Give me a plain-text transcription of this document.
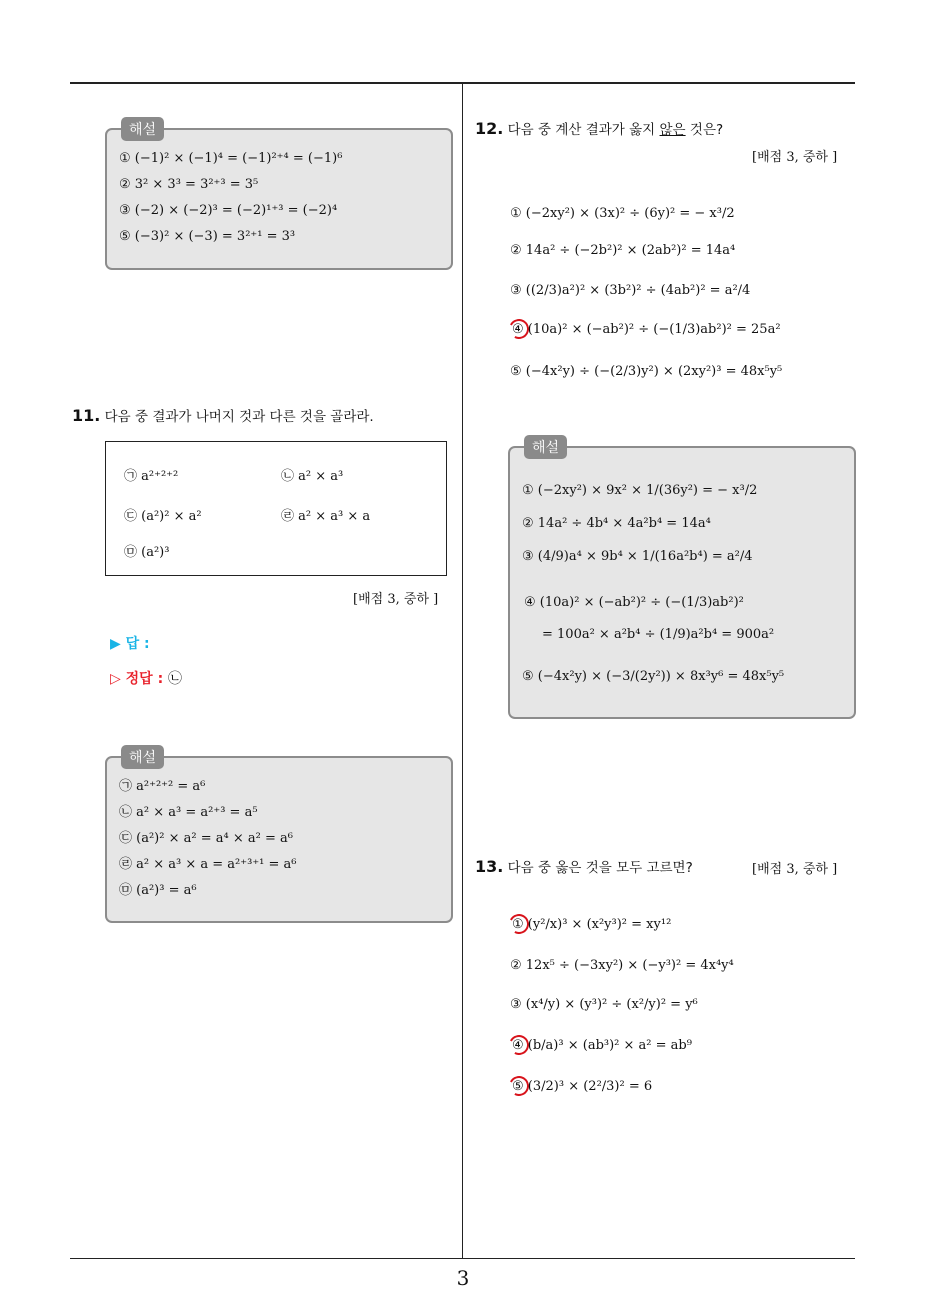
3
해설
① (−1)² × (−1)⁴ = (−1)²⁺⁴ = (−1)⁶
② 3² × 3³ = 3²⁺³ = 3⁵
③ (−2) × (−2)³ = (−2)¹⁺³ = (−2)⁴
⑤ (−3)² × (−3) = 3²⁺¹ = 3³
11. 다음 중 결과가 나머지 것과 다른 것을 골라라.
㉠ a²⁺²⁺²	㉡ a² × a³
㉢ (a²)² × a²	㉣ a² × a³ × a
㉤ (a²)³
[배점 3, 중하 ]
▶ 답 :
▷ 정답 : ㉡
해설
㉠ a²⁺²⁺² = a⁶
㉡ a² × a³ = a²⁺³ = a⁵
㉢ (a²)² × a² = a⁴ × a² = a⁶
㉣ a² × a³ × a = a²⁺³⁺¹ = a⁶
㉤ (a²)³ = a⁶
12. 다음 중 계산 결과가 옳지 않은 것은?
[배점 3, 중하 ]
① (−2xy²) × (3x)² ÷ (6y)² = − x³/2
② 14a² ÷ (−2b²)² × (2ab²)² = 14a⁴
③ ((2/3)a²)² × (3b²)² ÷ (4ab²)² = a²/4
④ (10a)² × (−ab²)² ÷ (−(1/3)ab²)² = 25a²
⑤ (−4x²y) ÷ (−(2/3)y²) × (2xy²)³ = 48x⁵y⁵
해설
① (−2xy²) × 9x² × 1/(36y²) = − x³/2
② 14a² ÷ 4b⁴ × 4a²b⁴ = 14a⁴
③ (4/9)a⁴ × 9b⁴ × 1/(16a²b⁴) = a²/4
④ (10a)² × (−ab²)² ÷ (−(1/3)ab²)²
= 100a² × a²b⁴ ÷ (1/9)a²b⁴ = 900a²
⑤ (−4x²y) × (−3/(2y²)) × 8x³y⁶ = 48x⁵y⁵
13. 다음 중 옳은 것을 모두 고르면?	[배점 3, 중하 ]
① (y²/x)³ × (x²y³)² = xy¹²
② 12x⁵ ÷ (−3xy²) × (−y³)² = 4x⁴y⁴
③ (x⁴/y) × (y³)² ÷ (x²/y)² = y⁶
④ (b/a)³ × (ab³)² × a² = ab⁹
⑤ (3/2)³ × (2²/3)² = 6
